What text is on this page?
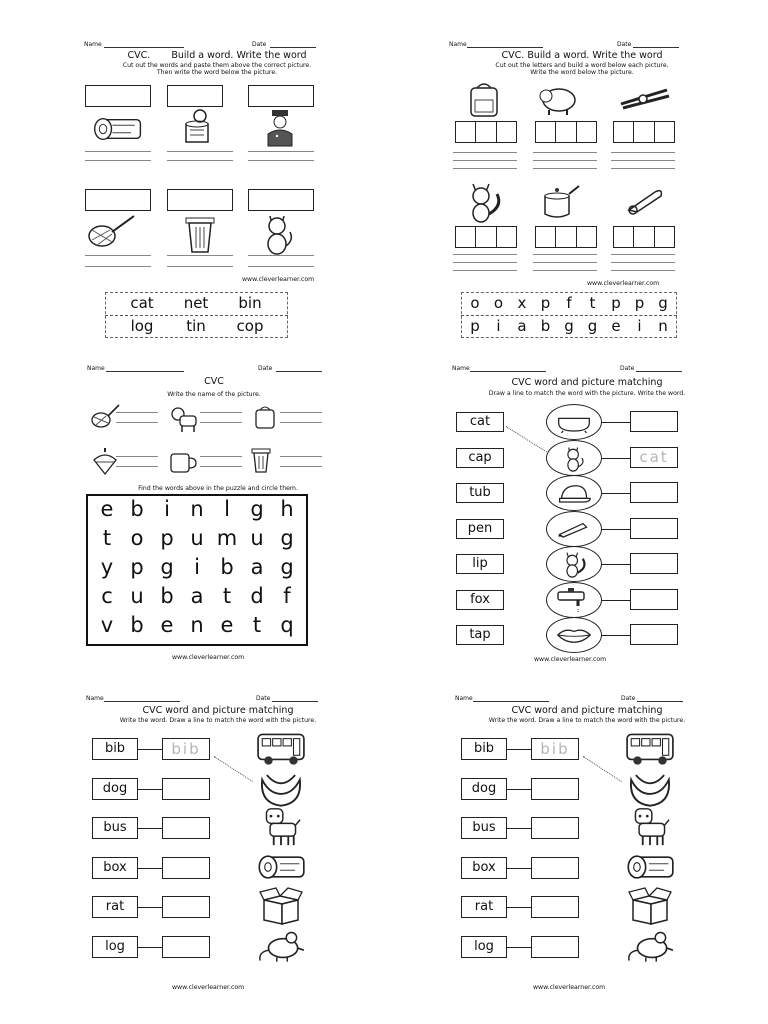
Name	Date
CVC.       Build a word. Write the word
Cut out the words and paste them above the correct picture.
Then write the word below the picture.
www.cleverlearner.com
cat	net	bin
log	tin	cop
Name	Date
CVC. Build a word. Write the word
Cut out the letters and build a word below each picture.
Write the word below the picture.
www.cleverlearner.com
o o x p	f	t	p p g
p	i	a b g g e	i	n
Name	Date
CVC
Write the name of the picture.
Find the words above in the puzzle and circle them.
e b i n l g h
t o p u m u g
y p g i b a g
c u b a t d f
v b e n e t q
www.cleverlearner.com
Name	Date
CVC word and picture matching
Draw a line to match the word with the picture. Write the word.
cat
cap	cat
tub
pen
lip
fox
tap
www.cleverlearner.com
Name	Date
CVC word and picture matching
Write the word. Draw a line to match the word with the picture.
bib	bib
dog
bus
box
rat
log
www.cleverlearner.com
Name	Date
CVC word and picture matching
Write the word. Draw a line to match the word with the picture.
bib	bib
dog
bus
box
rat
log
www.cleverlearner.com
